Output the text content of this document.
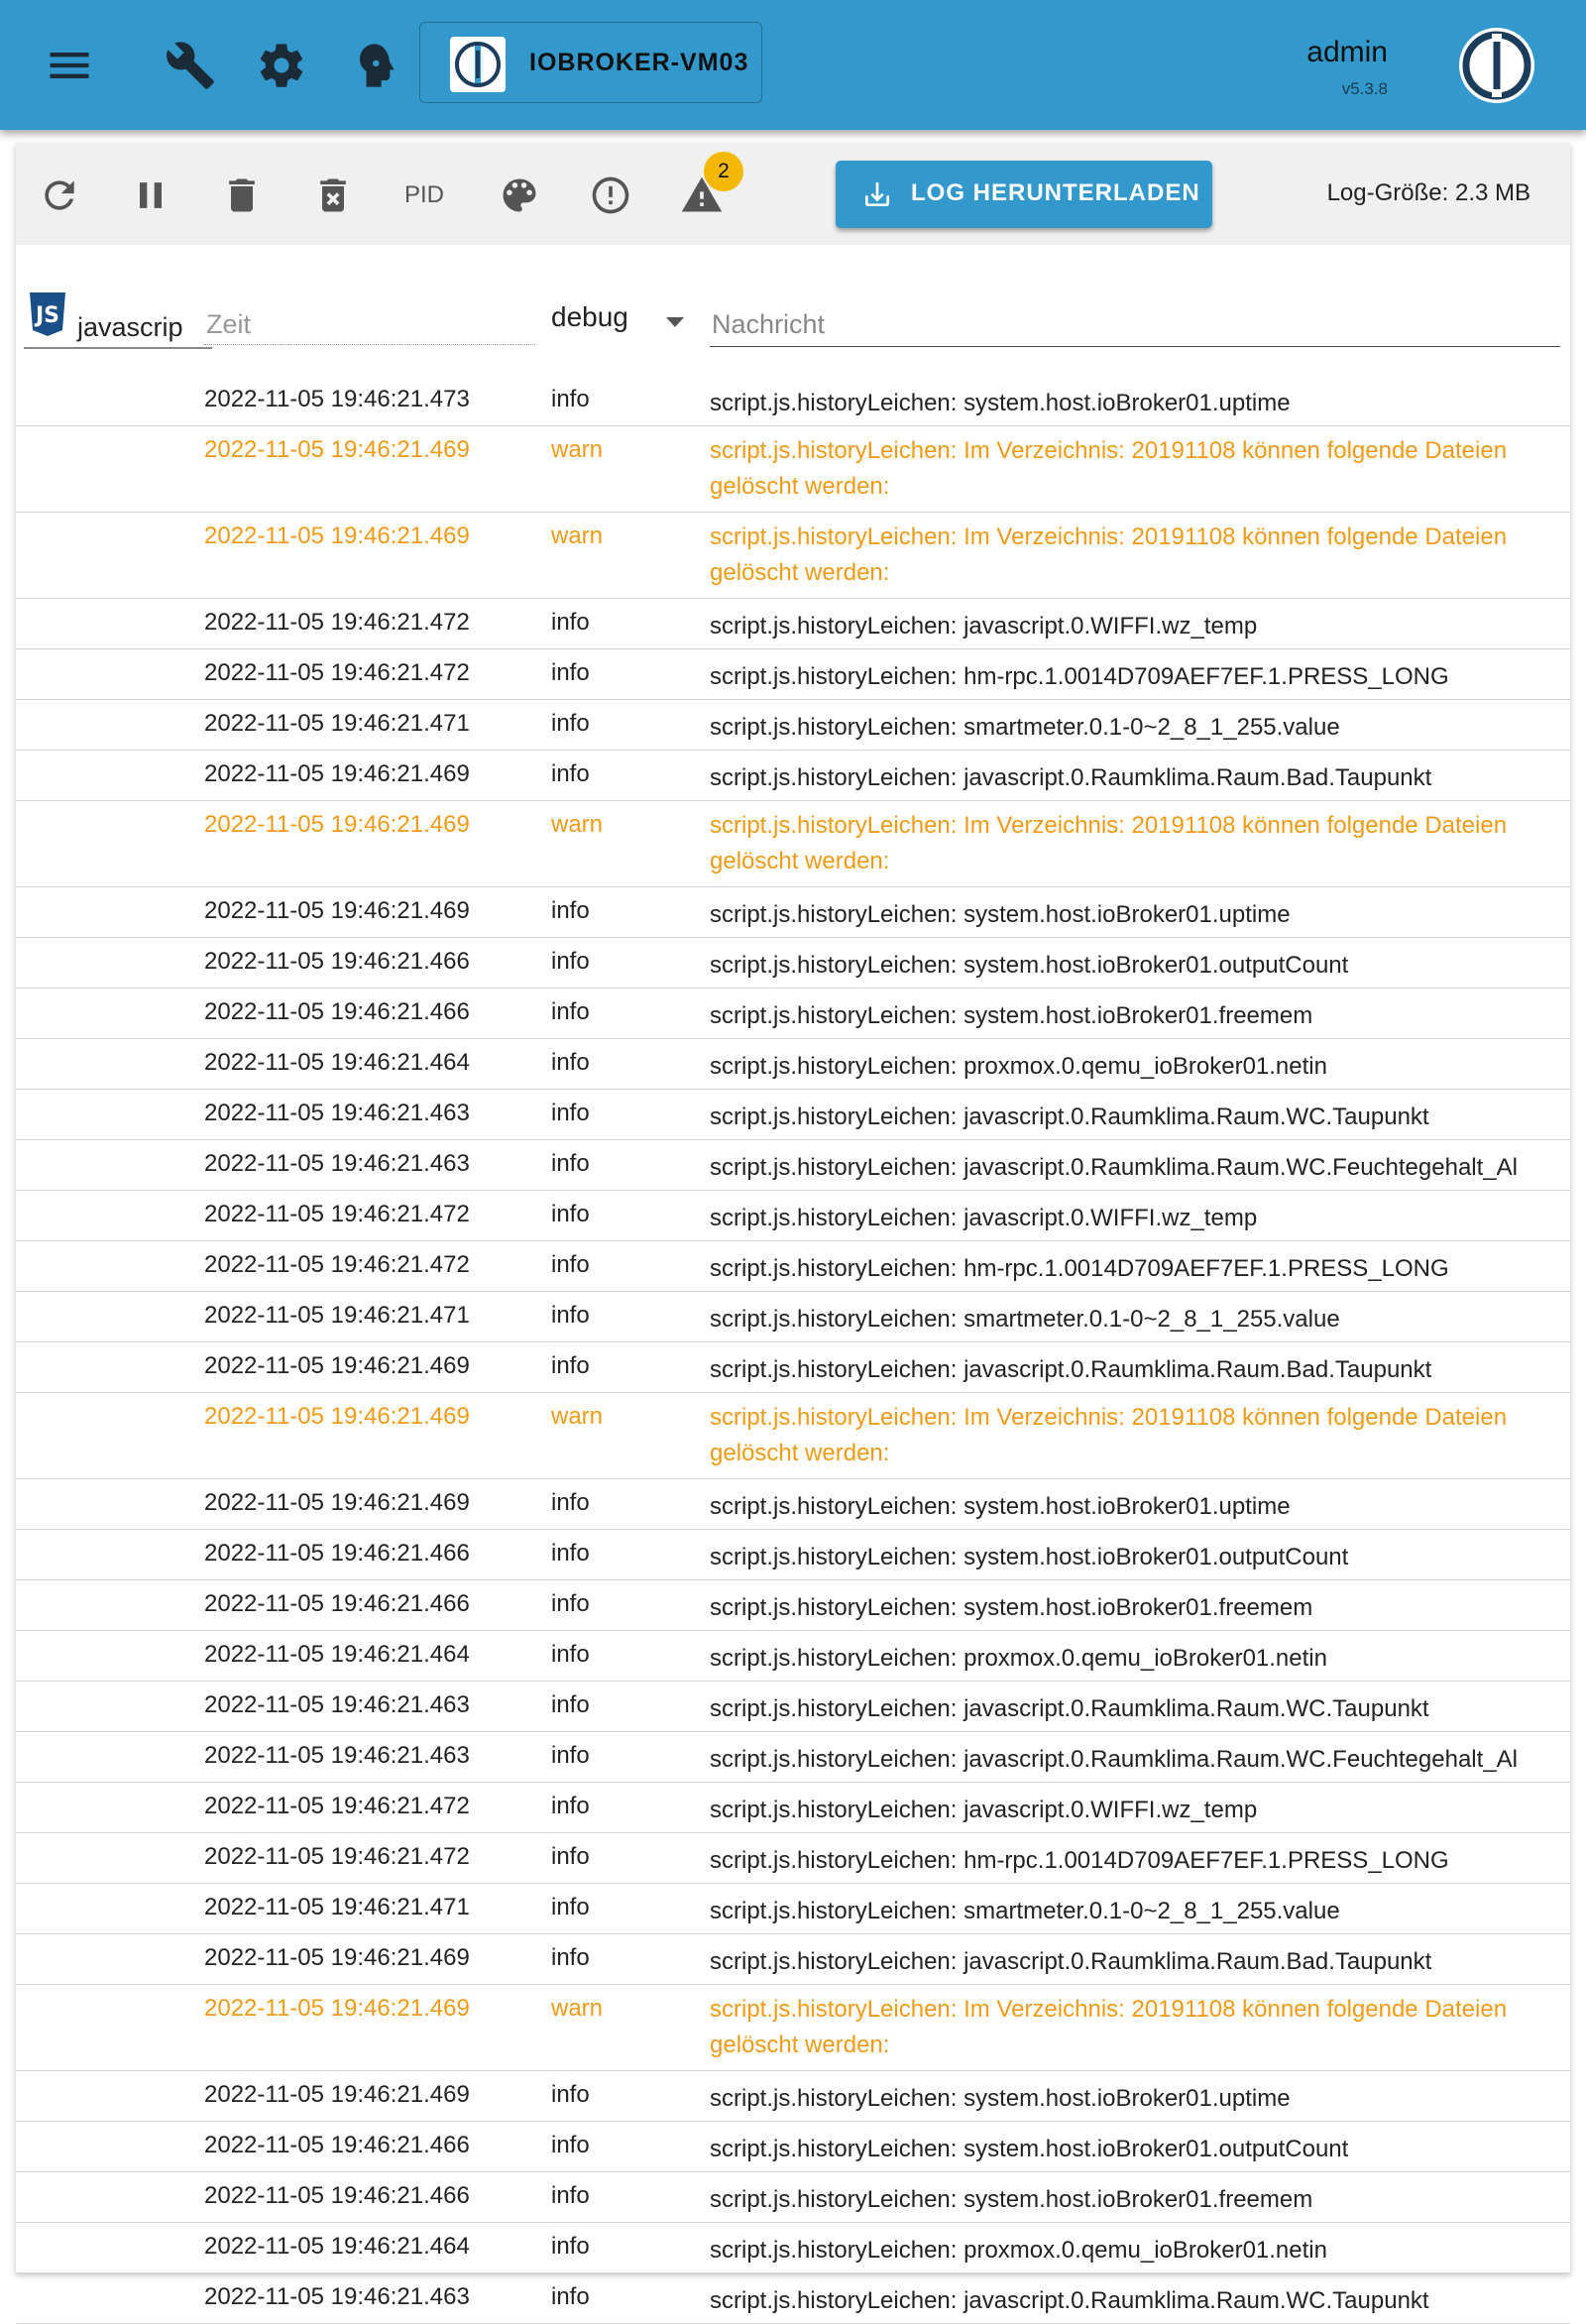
IOBROKER-VM03	admin
v5.3.8
PID
2
LOG HERUNTERLADEN	Log-Größe: 2.3 MB
JS javascrip
Zeit	debug
Nachricht
2022-11-05 19:46:21.473	info	script.js.historyLeichen: system.host.ioBroker01.uptime
2022-11-05 19:46:21.469	warn	script.js.historyLeichen: Im Verzeichnis: 20191108 können folgende Dateien gelöscht werden:
2022-11-05 19:46:21.469	warn	script.js.historyLeichen: Im Verzeichnis: 20191108 können folgende Dateien gelöscht werden:
2022-11-05 19:46:21.472	info	script.js.historyLeichen: javascript.0.WIFFI.wz_temp
2022-11-05 19:46:21.472	info	script.js.historyLeichen: hm-rpc.1.0014D709AEF7EF.1.PRESS_LONG
2022-11-05 19:46:21.471	info	script.js.historyLeichen: smartmeter.0.1-0~2_8_1_255.value
2022-11-05 19:46:21.469	info	script.js.historyLeichen: javascript.0.Raumklima.Raum.Bad.Taupunkt
2022-11-05 19:46:21.469	warn	script.js.historyLeichen: Im Verzeichnis: 20191108 können folgende Dateien gelöscht werden:
2022-11-05 19:46:21.469	info	script.js.historyLeichen: system.host.ioBroker01.uptime
2022-11-05 19:46:21.466	info	script.js.historyLeichen: system.host.ioBroker01.outputCount
2022-11-05 19:46:21.466	info	script.js.historyLeichen: system.host.ioBroker01.freemem
2022-11-05 19:46:21.464	info	script.js.historyLeichen: proxmox.0.qemu_ioBroker01.netin
2022-11-05 19:46:21.463	info	script.js.historyLeichen: javascript.0.Raumklima.Raum.WC.Taupunkt
2022-11-05 19:46:21.463	info	script.js.historyLeichen: javascript.0.Raumklima.Raum.WC.Feuchtegehalt_Al
2022-11-05 19:46:21.472	info	script.js.historyLeichen: javascript.0.WIFFI.wz_temp
2022-11-05 19:46:21.472	info	script.js.historyLeichen: hm-rpc.1.0014D709AEF7EF.1.PRESS_LONG
2022-11-05 19:46:21.471	info	script.js.historyLeichen: smartmeter.0.1-0~2_8_1_255.value
2022-11-05 19:46:21.469	info	script.js.historyLeichen: javascript.0.Raumklima.Raum.Bad.Taupunkt
2022-11-05 19:46:21.469	warn	script.js.historyLeichen: Im Verzeichnis: 20191108 können folgende Dateien gelöscht werden:
2022-11-05 19:46:21.469	info	script.js.historyLeichen: system.host.ioBroker01.uptime
2022-11-05 19:46:21.466	info	script.js.historyLeichen: system.host.ioBroker01.outputCount
2022-11-05 19:46:21.466	info	script.js.historyLeichen: system.host.ioBroker01.freemem
2022-11-05 19:46:21.464	info	script.js.historyLeichen: proxmox.0.qemu_ioBroker01.netin
2022-11-05 19:46:21.463	info	script.js.historyLeichen: javascript.0.Raumklima.Raum.WC.Taupunkt
2022-11-05 19:46:21.463	info	script.js.historyLeichen: javascript.0.Raumklima.Raum.WC.Feuchtegehalt_Al
2022-11-05 19:46:21.472	info	script.js.historyLeichen: javascript.0.WIFFI.wz_temp
2022-11-05 19:46:21.472	info	script.js.historyLeichen: hm-rpc.1.0014D709AEF7EF.1.PRESS_LONG
2022-11-05 19:46:21.471	info	script.js.historyLeichen: smartmeter.0.1-0~2_8_1_255.value
2022-11-05 19:46:21.469	info	script.js.historyLeichen: javascript.0.Raumklima.Raum.Bad.Taupunkt
2022-11-05 19:46:21.469	warn	script.js.historyLeichen: Im Verzeichnis: 20191108 können folgende Dateien gelöscht werden:
2022-11-05 19:46:21.469	info	script.js.historyLeichen: system.host.ioBroker01.uptime
2022-11-05 19:46:21.466	info	script.js.historyLeichen: system.host.ioBroker01.outputCount
2022-11-05 19:46:21.466	info	script.js.historyLeichen: system.host.ioBroker01.freemem
2022-11-05 19:46:21.464	info	script.js.historyLeichen: proxmox.0.qemu_ioBroker01.netin
2022-11-05 19:46:21.463	info	script.js.historyLeichen: javascript.0.Raumklima.Raum.WC.Taupunkt
